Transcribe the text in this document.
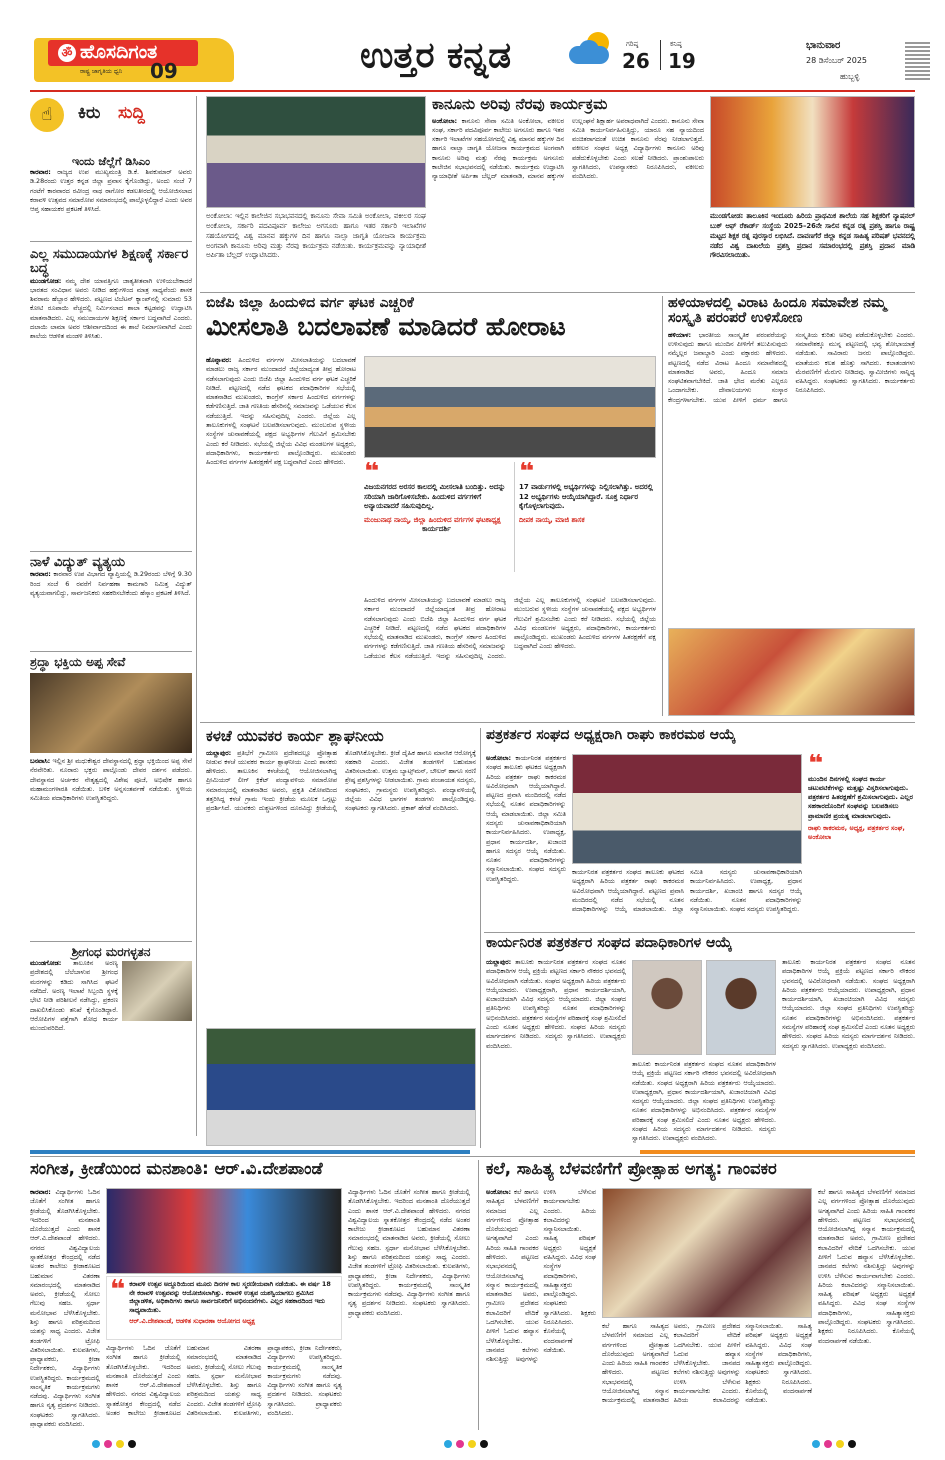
ॐ ಹೊಸದಿಗಂತ
ರಾಷ್ಟ್ರ ಜಾಗೃತಿಯ ಧ್ವನಿ 09	ಉತ್ತರ ಕನ್ನಡ	ಗರಿಷ್ಠ
26
ಕನಿಷ್ಠ
19
ಭಾನುವಾರ
28 ಡಿಸೆಂಬರ್ 2025
ಹುಬ್ಬಳ್ಳಿ
☝	ಕಿರು ಸುದ್ದಿ
ಇಂದು ಜೆಲ್ಲೆಗೆ ಡಿಸಿಎಂ
ಕಾರವಾರ: ರಾಜ್ಯದ ಉಪ ಮುಖ್ಯಮಂತ್ರಿ ಡಿ.ಕೆ. ಶಿವಕುಮಾರ್ ಅವರು ಡಿ.28ರಂದು ಉತ್ತರ ಕನ್ನಡ ಜಿಲ್ಲಾ ಪ್ರವಾಸ ಕೈಗೊಂಡಿದ್ದು, ಅಂದು ಸಂಜೆ 7 ಗಂಟೆಗೆ ಕಾರವಾರದ ರವೀಂದ್ರ ನಾಥ ಠಾಗೋರ ಕಡಲತೀರದಲ್ಲಿ ಆಯೋಜಿಸಲಾದ ಕರಾವಳಿ ಉತ್ಸವದ ಸಮಾರೋಪ ಸಮಾರಂಭದಲ್ಲಿ ಪಾಲ್ಗೊಳ್ಳಲಿದ್ದಾರೆ ಎಂದು ಅವರ ಆಪ್ತ ಸಹಾಯಕರ ಪ್ರಕಟಣೆ ತಿಳಿಸಿದೆ.
ಎಲ್ಲ ಸಮುದಾಯಗಳ ಶಿಕ್ಷಣಕ್ಕೆ ಸರ್ಕಾರ ಬದ್ಧ
ಮುಂಡಗೋಡ: ನಮ್ಮ ದೇಶ ಯಾವತ್ತಿಗೂ ಜಾತ್ಯತೀತವಾಗಿ ಉಳಿಯಬೇಕಾದರೆ ಭಾರತದ ಸಂವಿಧಾನ ಅವರು ನೀಡಿದ ಹಕ್ಕುಗಳಿಂದ ಮಾತ್ರ ಸಾಧ್ಯವೆಂದು ಶಾಸಕ ಶಿವರಾಮ ಹೆಬ್ಬಾರ ಹೇಳಿದರು. ಪಟ್ಟಣದ ಟಿಬೆಟನ್ ಕ್ಯಾಂಪ್‌ನಲ್ಲಿ ಸುಮಾರು 53 ಕೋಟಿ ರೂಪಾಯಿ ವೆಚ್ಚದಲ್ಲಿ ನಿರ್ಮಿಸಲಾದ ಶಾಲಾ ಕಟ್ಟಡವನ್ನು ಉದ್ಘಾಟಿಸಿ ಮಾತನಾಡಿದರು. ಎಲ್ಲ ಸಮುದಾಯಗಳ ಶಿಕ್ಷಣಕ್ಕೆ ಸರ್ಕಾರ ಬದ್ಧವಾಗಿದೆ ಎಂದರು. ದಲಾಯಿ ಲಾಮಾ ಅವರ ಆಶೀರ್ವಾದದಿಂದ ಈ ಶಾಲೆ ನಿರ್ಮಾಣವಾಗಿದೆ ಎಂದು ಶಾಲೆಯ ಆಡಳಿತ ಮಂಡಳಿ ತಿಳಿಸಿತು.
ನಾಳೆ ವಿದ್ಯುತ್ ವ್ಯತ್ಯಯ
ಕಾರವಾರ: ಕಾರವಾರ ಉಪ ವಿಭಾಗದ ವ್ಯಾಪ್ತಿಯಲ್ಲಿ ಡಿ.29ರಂದು ಬೆಳಿಗ್ಗೆ 9.30 ರಿಂದ ಸಂಜೆ 6 ರವರೆಗೆ ನಿರ್ವಹಣಾ ಕಾಮಗಾರಿ ನಿಮಿತ್ತ ವಿದ್ಯುತ್ ವ್ಯತ್ಯಯವಾಗಲಿದ್ದು, ಸಾರ್ವಜನಿಕರು ಸಹಕರಿಸಬೇಕೆಂದು ಹೆಸ್ಕಾಂ ಪ್ರಕಟಣೆ ತಿಳಿಸಿದೆ.
ಶ್ರದ್ಧಾ ಭಕ್ತಿಯ ಅಪ್ಪ ಸೇವೆ
ಬನವಾಸಿ: ಇಲ್ಲಿನ ಶ್ರೀ ಮಧುಕೇಶ್ವರ ದೇವಸ್ಥಾನದಲ್ಲಿ ಶ್ರದ್ಧಾ ಭಕ್ತಿಯಿಂದ ಅಪ್ಪ ಸೇವೆ ನೆರವೇರಿತು. ನೂರಾರು ಭಕ್ತರು ಪಾಲ್ಗೊಂಡು ದೇವರ ದರ್ಶನ ಪಡೆದರು. ದೇವಸ್ಥಾನದ ಅರ್ಚಕರ ನೇತೃತ್ವದಲ್ಲಿ ವಿಶೇಷ ಪೂಜೆ, ಅಭಿಷೇಕ ಹಾಗೂ ಮಹಾಮಂಗಳಾರತಿ ನಡೆಯಿತು. ಬಳಿಕ ಅನ್ನಸಂತರ್ಪಣೆ ನಡೆಯಿತು. ಸ್ಥಳೀಯ ಸಮಿತಿಯ ಪದಾಧಿಕಾರಿಗಳು ಉಪಸ್ಥಿತರಿದ್ದರು.
ಶ್ರೀಗಂಧ ಮರಗಳ್ಳತನ
ಮುಂಡಗೋಡ: ತಾಲೂಕಿನ ಅರಣ್ಯ ಪ್ರದೇಶದಲ್ಲಿ ಬೆಲೆಬಾಳುವ ಶ್ರೀಗಂಧ ಮರಗಳನ್ನು ಕಡಿದು ಸಾಗಿಸಿದ ಘಟನೆ ನಡೆದಿದೆ. ಅರಣ್ಯ ಇಲಾಖೆ ಸಿಬ್ಬಂದಿ ಸ್ಥಳಕ್ಕೆ ಭೇಟಿ ನೀಡಿ ಪರಿಶೀಲನೆ ನಡೆಸಿದ್ದು, ಪ್ರಕರಣ ದಾಖಲಿಸಿಕೊಂಡು ತನಿಖೆ ಕೈಗೊಂಡಿದ್ದಾರೆ. ಆರೋಪಿಗಳ ಪತ್ತೆಗಾಗಿ ಶೋಧ ಕಾರ್ಯ ಮುಂದುವರಿದಿದೆ.
ಅಂಕೋಲಾ: ಇಲ್ಲಿನ ಕಾಲೇಜಿನ ಸಭಾಭವನದಲ್ಲಿ ಕಾನೂನು ಸೇವಾ ಸಮಿತಿ ಅಂಕೋಲಾ, ವಕೀಲರ ಸಂಘ ಅಂಕೋಲಾ, ಸರ್ಕಾರಿ ಪದವಿಪೂರ್ವ ಕಾಲೇಜು ಅಗಸೂರು ಹಾಗೂ ಇತರ ಸರ್ಕಾರಿ ಇಲಾಖೆಗಳ ಸಹಯೋಗದಲ್ಲಿ ವಿಶ್ವ ಮಾನವ ಹಕ್ಕುಗಳ ದಿನ ಹಾಗೂ ನಾಲ್ಸಾ ಜಾಗೃತಿ ಯೋಜನಾ ಕಾರ್ಯಕ್ರಮ ಅಂಗವಾಗಿ ಕಾನೂನು ಅರಿವು ಮತ್ತು ನೆರವು ಕಾರ್ಯಕ್ರಮ ನಡೆಯಿತು. ಕಾರ್ಯಕ್ರಮವನ್ನು ನ್ಯಾಯಾಧೀಶೆ ಅರ್ಪಿತಾ ಬೆಲ್ಲದ್ ಉದ್ಘಾಟಿಸಿದರು.
ಕಾನೂನು ಅರಿವು ನೆರವು ಕಾರ್ಯಕ್ರಮ
ಅಂಕೋಲಾ: ಕಾನೂನು ಸೇವಾ ಸಮಿತಿ ಅಂಕೋಲಾ, ವಕೀಲರ ಸಂಘ, ಸರ್ಕಾರಿ ಪದವಿಪೂರ್ವ ಕಾಲೇಜು ಅಗಸೂರು ಹಾಗೂ ಇತರ ಸರ್ಕಾರಿ ಇಲಾಖೆಗಳ ಸಹಯೋಗದಲ್ಲಿ ವಿಶ್ವ ಮಾನವ ಹಕ್ಕುಗಳ ದಿನ ಹಾಗೂ ನಾಲ್ಸಾ ಜಾಗೃತಿ ಯೋಜನಾ ಕಾರ್ಯಕ್ರಮದ ಅಂಗವಾಗಿ ಕಾನೂನು ಅರಿವು ಮತ್ತು ನೆರವು ಕಾರ್ಯಕ್ರಮ ಅಗಸೂರು ಕಾಲೇಜಿನ ಸಭಾಭವನದಲ್ಲಿ ನಡೆಯಿತು. ಕಾರ್ಯಕ್ರಮ ಉದ್ಘಾಟಿಸಿ ನ್ಯಾಯಾಧೀಶೆ ಅರ್ಪಿತಾ ಬೆಲ್ಲದ್ ಮಾತನಾಡಿ, ಮಾನವ ಹಕ್ಕುಗಳ ಉಲ್ಲಂಘನೆ ಶಿಕ್ಷಾರ್ಹ ಅಪರಾಧವಾಗಿದೆ ಎಂದರು. ಕಾನೂನು ಸೇವಾ ಸಮಿತಿ ಕಾರ್ಯನಿರ್ವಹಿಸುತ್ತಿದ್ದು, ಯಾರೂ ಸಹ ನ್ಯಾಯದಿಂದ ವಂಚಿತರಾಗದಂತೆ ಉಚಿತ ಕಾನೂನು ನೆರವು ನೀಡಲಾಗುತ್ತದೆ. ವಕೀಲರ ಸಂಘದ ಅಧ್ಯಕ್ಷ ವಿದ್ಯಾರ್ಥಿಗಳು ಕಾನೂನು ಅರಿವು ಪಡೆದುಕೊಳ್ಳಬೇಕು ಎಂದು ಸಲಹೆ ನೀಡಿದರು. ಪ್ರಾಂಶುಪಾಲರು ಸ್ವಾಗತಿಸಿದರು, ಉಪನ್ಯಾಸಕರು ನಿರೂಪಿಸಿದರು, ವಕೀಲರು ವಂದಿಸಿದರು.
ಮುಂಡಗೋಡ: ತಾಲೂಕಿನ ಇಂದೂರು ಹಿರಿಯ ಪ್ರಾಥಮಿಕ ಶಾಲೆಯ ಸಹ ಶಿಕ್ಷಕರಿಗೆ ನ್ಯಾಷನಲ್ ಬುಕ್ ಆಫ್ ರೆಕಾರ್ಡ್ ಸಂಸ್ಥೆಯ 2025–26ನೇ ಸಾಲಿನ ಕನ್ನಡ ರತ್ನ ಪ್ರಶಸ್ತಿ ಹಾಗೂ ರಾಷ್ಟ್ರ ಮಟ್ಟದ ಶಿಕ್ಷಕ ರತ್ನ ಪುರಸ್ಕಾರ ಲಭಿಸಿದೆ. ದಾವಣಗೆರೆ ಜಿಲ್ಲಾ ಕನ್ನಡ ಸಾಹಿತ್ಯ ಪರಿಷತ್ ಭವನದಲ್ಲಿ ನಡೆದ ವಿಶ್ವ ದಾಖಲೆಯ ಪ್ರಶಸ್ತಿ ಪ್ರದಾನ ಸಮಾರಂಭದಲ್ಲಿ ಪ್ರಶಸ್ತಿ ಪ್ರದಾನ ಮಾಡಿ ಗೌರವಿಸಲಾಯಿತು.
ಬಿಜೆಪಿ ಜಿಲ್ಲಾ ಹಿಂದುಳಿದ ವರ್ಗ ಘಟಕ ಎಚ್ಚರಿಕೆ
ಮೀಸಲಾತಿ ಬದಲಾವಣೆ ಮಾಡಿದರೆ ಹೋರಾಟ
ಹೊನ್ನಾವರ: ಹಿಂದುಳಿದ ವರ್ಗಗಳ ಮೀಸಲಾತಿಯನ್ನು ಬದಲಾವಣೆ ಮಾಡಲು ರಾಜ್ಯ ಸರ್ಕಾರ ಮುಂದಾದರೆ ಜಿಲ್ಲೆಯಾದ್ಯಂತ ತೀವ್ರ ಹೋರಾಟ ನಡೆಸಲಾಗುವುದು ಎಂದು ಬಿಜೆಪಿ ಜಿಲ್ಲಾ ಹಿಂದುಳಿದ ವರ್ಗ ಘಟಕ ಎಚ್ಚರಿಕೆ ನೀಡಿದೆ. ಪಟ್ಟಣದಲ್ಲಿ ನಡೆದ ಘಟಕದ ಪದಾಧಿಕಾರಿಗಳ ಸಭೆಯಲ್ಲಿ ಮಾತನಾಡಿದ ಮುಖಂಡರು, ಕಾಂಗ್ರೆಸ್ ಸರ್ಕಾರ ಹಿಂದುಳಿದ ವರ್ಗಗಳನ್ನು ಕಡೆಗಣಿಸುತ್ತಿದೆ. ಜಾತಿ ಗಣತಿಯ ಹೆಸರಿನಲ್ಲಿ ಸಮಾಜವನ್ನು ಒಡೆಯುವ ಕೆಲಸ ನಡೆಯುತ್ತಿದೆ. ಇದನ್ನು ಸಹಿಸುವುದಿಲ್ಲ ಎಂದರು. ಜಿಲ್ಲೆಯ ಎಲ್ಲ ತಾಲೂಕುಗಳಲ್ಲಿ ಸಂಘಟನೆ ಬಲಪಡಿಸಲಾಗುವುದು. ಮುಂಬರುವ ಸ್ಥಳೀಯ ಸಂಸ್ಥೆಗಳ ಚುನಾವಣೆಯಲ್ಲಿ ಪಕ್ಷದ ಅಭ್ಯರ್ಥಿಗಳ ಗೆಲುವಿಗೆ ಶ್ರಮಿಸಬೇಕು ಎಂದು ಕರೆ ನೀಡಿದರು. ಸಭೆಯಲ್ಲಿ ಜಿಲ್ಲೆಯ ವಿವಿಧ ಮಂಡಲಗಳ ಅಧ್ಯಕ್ಷರು, ಪದಾಧಿಕಾರಿಗಳು, ಕಾರ್ಯಕರ್ತರು ಪಾಲ್ಗೊಂಡಿದ್ದರು. ಮುಖಂಡರು ಹಿಂದುಳಿದ ವರ್ಗಗಳ ಹಿತರಕ್ಷಣೆಗೆ ಪಕ್ಷ ಬದ್ಧವಾಗಿದೆ ಎಂದು ಹೇಳಿದರು. ❝
ವಿಜಯನಗರದ ಅರಸರ ಕಾಲದಲ್ಲಿ ಮೀಸಲಾತಿ ಬಂದಿತ್ತು. ಅದನ್ನು ಸರಿಯಾಗಿ ಜಾರಿಗೊಳಿಸಬೇಕು. ಹಿಂದುಳಿದ ವರ್ಗಗಳಿಗೆ ಅನ್ಯಾಯವಾದರೆ ಸಹಿಸುವುದಿಲ್ಲ.
ಮಂಜುನಾಥ ನಾಯ್ಕ, ಜಿಲ್ಲಾ ಹಿಂದುಳಿದ ವರ್ಗಗಳ ಘಟಕಾಧ್ಯಕ್ಷ
ಕಾರ್ಯದರ್ಶಿ
❝
17 ವಾರ್ಡುಗಳಲ್ಲಿ ಅಭ್ಯರ್ಥಿಗಳನ್ನು ನಿಲ್ಲಿಸಲಾಗಿತ್ತು. ಅದರಲ್ಲಿ 12 ಅಭ್ಯರ್ಥಿಗಳು ಆಯ್ಕೆಯಾಗಿದ್ದಾರೆ. ಸೂಕ್ತ ನಿರ್ಧಾರ ಕೈಗೊಳ್ಳಲಾಗುವುದು.
ದೀಪಕ ನಾಯ್ಕ, ಮಾಜಿ ಶಾಸಕ
ಹಿಂದುಳಿದ ವರ್ಗಗಳ ಮೀಸಲಾತಿಯನ್ನು ಬದಲಾವಣೆ ಮಾಡಲು ರಾಜ್ಯ ಸರ್ಕಾರ ಮುಂದಾದರೆ ಜಿಲ್ಲೆಯಾದ್ಯಂತ ತೀವ್ರ ಹೋರಾಟ ನಡೆಸಲಾಗುವುದು ಎಂದು ಬಿಜೆಪಿ ಜಿಲ್ಲಾ ಹಿಂದುಳಿದ ವರ್ಗ ಘಟಕ ಎಚ್ಚರಿಕೆ ನೀಡಿದೆ. ಪಟ್ಟಣದಲ್ಲಿ ನಡೆದ ಘಟಕದ ಪದಾಧಿಕಾರಿಗಳ ಸಭೆಯಲ್ಲಿ ಮಾತನಾಡಿದ ಮುಖಂಡರು, ಕಾಂಗ್ರೆಸ್ ಸರ್ಕಾರ ಹಿಂದುಳಿದ ವರ್ಗಗಳನ್ನು ಕಡೆಗಣಿಸುತ್ತಿದೆ. ಜಾತಿ ಗಣತಿಯ ಹೆಸರಿನಲ್ಲಿ ಸಮಾಜವನ್ನು ಒಡೆಯುವ ಕೆಲಸ ನಡೆಯುತ್ತಿದೆ. ಇದನ್ನು ಸಹಿಸುವುದಿಲ್ಲ ಎಂದರು. ಜಿಲ್ಲೆಯ ಎಲ್ಲ ತಾಲೂಕುಗಳಲ್ಲಿ ಸಂಘಟನೆ ಬಲಪಡಿಸಲಾಗುವುದು. ಮುಂಬರುವ ಸ್ಥಳೀಯ ಸಂಸ್ಥೆಗಳ ಚುನಾವಣೆಯಲ್ಲಿ ಪಕ್ಷದ ಅಭ್ಯರ್ಥಿಗಳ ಗೆಲುವಿಗೆ ಶ್ರಮಿಸಬೇಕು ಎಂದು ಕರೆ ನೀಡಿದರು. ಸಭೆಯಲ್ಲಿ ಜಿಲ್ಲೆಯ ವಿವಿಧ ಮಂಡಲಗಳ ಅಧ್ಯಕ್ಷರು, ಪದಾಧಿಕಾರಿಗಳು, ಕಾರ್ಯಕರ್ತರು ಪಾಲ್ಗೊಂಡಿದ್ದರು. ಮುಖಂಡರು ಹಿಂದುಳಿದ ವರ್ಗಗಳ ಹಿತರಕ್ಷಣೆಗೆ ಪಕ್ಷ ಬದ್ಧವಾಗಿದೆ ಎಂದು ಹೇಳಿದರು.
ಹಳಿಯಾಳದಲ್ಲಿ ವಿರಾಟ ಹಿಂದೂ ಸಮಾವೇಶ ನಮ್ಮ ಸಂಸ್ಕೃತಿ ಪರಂಪರೆ ಉಳಿಸೋಣ
ಹಳಿಯಾಳ: ಭಾರತೀಯ ಸಾಂಸ್ಕೃತಿಕ ಪರಂಪರೆಯನ್ನು ಉಳಿಸುವುದು ಹಾಗೂ ಮುಂದಿನ ಪೀಳಿಗೆಗೆ ತಲುಪಿಸುವುದು ನಮ್ಮೆಲ್ಲರ ಜವಾಬ್ದಾರಿ ಎಂದು ವಕ್ತಾರರು ಹೇಳಿದರು. ಪಟ್ಟಣದಲ್ಲಿ ನಡೆದ ವಿರಾಟ ಹಿಂದೂ ಸಮಾವೇಶದಲ್ಲಿ ಮಾತನಾಡಿದ ಅವರು, ಹಿಂದೂ ಸಮಾಜ ಸಂಘಟಿತವಾಗಬೇಕಿದೆ. ಜಾತಿ ಭೇದ ಮರೆತು ಎಲ್ಲರೂ ಒಂದಾಗಬೇಕು. ದೇವಾಲಯಗಳು ಸಂಸ್ಕಾರ ಕೇಂದ್ರಗಳಾಗಬೇಕು. ಯುವ ಪೀಳಿಗೆ ಧರ್ಮ ಹಾಗೂ ಸಂಸ್ಕೃತಿಯ ಕುರಿತು ಅರಿವು ಪಡೆದುಕೊಳ್ಳಬೇಕು ಎಂದರು. ಸಮಾವೇಶಕ್ಕೂ ಮುನ್ನ ಪಟ್ಟಣದಲ್ಲಿ ಭವ್ಯ ಶೋಭಾಯಾತ್ರೆ ನಡೆಯಿತು. ಸಾವಿರಾರು ಜನರು ಪಾಲ್ಗೊಂಡಿದ್ದರು. ಮಾತೆಯರು ಕಲಶ ಹೊತ್ತು ಸಾಗಿದರು. ಕಲಾತಂಡಗಳು ಮೆರವಣಿಗೆಗೆ ಮೆರುಗು ನೀಡಿದವು. ಸ್ವಾಮೀಜಿಗಳು ಸಾನ್ನಿಧ್ಯ ವಹಿಸಿದ್ದರು. ಸಂಘಟಕರು ಸ್ವಾಗತಿಸಿದರು. ಕಾರ್ಯಕರ್ತರು ನಿರೂಪಿಸಿದರು.
ಕಳಚೆ ಯುವಕರ ಕಾರ್ಯ ಶ್ಲಾಘನೀಯ
ಯಲ್ಲಾಪುರ: ಪ್ರತಿಭೆಗೆ ಗ್ರಾಮೀಣ ಪ್ರದೇಶದಲ್ಲೂ ಪ್ರೋತ್ಸಾಹ ನೀಡುವ ಕಳಚೆ ಯುವಕರ ಕಾರ್ಯ ಶ್ಲಾಘನೀಯ ಎಂದು ಶಾಸಕರು ಹೇಳಿದರು. ತಾಲೂಕಿನ ಕಳಚೆಯಲ್ಲಿ ಆಯೋಜಿಸಲಾಗಿದ್ದ ಪ್ರೀಮಿಯರ್ ಲೀಗ್ ಕ್ರಿಕೆಟ್ ಪಂದ್ಯಾವಳಿಯ ಸಮಾರೋಪ ಸಮಾರಂಭದಲ್ಲಿ ಮಾತನಾಡಿದ ಅವರು, ಪ್ರಕೃತಿ ವಿಕೋಪದಿಂದ ತತ್ತರಿಸಿದ್ದ ಕಳಚೆ ಗ್ರಾಮ ಇಂದು ಕ್ರೀಡೆಯ ಮೂಲಕ ಒಗ್ಗಟ್ಟು ಪ್ರದರ್ಶಿಸಿದೆ. ಯುವಕರು ದುಶ್ಚಟಗಳಿಂದ ದೂರವಿದ್ದು ಕ್ರೀಡೆಯಲ್ಲಿ ತೊಡಗಿಸಿಕೊಳ್ಳಬೇಕು. ಕ್ರೀಡೆ ದೈಹಿಕ ಹಾಗೂ ಮಾನಸಿಕ ಆರೋಗ್ಯಕ್ಕೆ ಸಹಕಾರಿ ಎಂದರು. ವಿಜೇತ ತಂಡಗಳಿಗೆ ಬಹುಮಾನ ವಿತರಿಸಲಾಯಿತು. ಉತ್ತಮ ಬ್ಯಾಟ್ಸ್‌ಮನ್, ಬೌಲರ್ ಹಾಗೂ ಸರಣಿ ಶ್ರೇಷ್ಠ ಪ್ರಶಸ್ತಿಗಳನ್ನು ನೀಡಲಾಯಿತು. ಗ್ರಾಮ ಪಂಚಾಯತ ಸದಸ್ಯರು, ಸಂಘಟಕರು, ಗ್ರಾಮಸ್ಥರು ಉಪಸ್ಥಿತರಿದ್ದರು. ಪಂದ್ಯಾವಳಿಯಲ್ಲಿ ಜಿಲ್ಲೆಯ ವಿವಿಧ ಭಾಗಗಳ ತಂಡಗಳು ಪಾಲ್ಗೊಂಡಿದ್ದವು. ಸಂಘಟಕರು ಸ್ವಾಗತಿಸಿದರು. ಪ್ರಕಾಶ್ ಹೆಗಡೆ ವಂದಿಸಿದರು.
ಪತ್ರಕರ್ತರ ಸಂಘದ ಅಧ್ಯಕ್ಷರಾಗಿ ರಾಘು ಕಾಕರಮಠ ಆಯ್ಕೆ
ಅಂಕೋಲಾ: ಕಾರ್ಯನಿರತ ಪತ್ರಕರ್ತರ ಸಂಘದ ತಾಲೂಕು ಘಟಕದ ಅಧ್ಯಕ್ಷರಾಗಿ ಹಿರಿಯ ಪತ್ರಕರ್ತ ರಾಘು ಕಾಕರಮಠ ಅವಿರೋಧವಾಗಿ ಆಯ್ಕೆಯಾಗಿದ್ದಾರೆ. ಪಟ್ಟಣದ ಪ್ರವಾಸಿ ಮಂದಿರದಲ್ಲಿ ನಡೆದ ಸಭೆಯಲ್ಲಿ ನೂತನ ಪದಾಧಿಕಾರಿಗಳನ್ನು ಆಯ್ಕೆ ಮಾಡಲಾಯಿತು. ಜಿಲ್ಲಾ ಸಮಿತಿ ಸದಸ್ಯರು ಚುನಾವಣಾಧಿಕಾರಿಯಾಗಿ ಕಾರ್ಯನಿರ್ವಹಿಸಿದರು. ಉಪಾಧ್ಯಕ್ಷ, ಪ್ರಧಾನ ಕಾರ್ಯದರ್ಶಿ, ಖಜಾಂಚಿ ಹಾಗೂ ಸದಸ್ಯರ ಆಯ್ಕೆ ನಡೆಯಿತು. ನೂತನ ಪದಾಧಿಕಾರಿಗಳನ್ನು ಸನ್ಮಾನಿಸಲಾಯಿತು. ಸಂಘದ ಸದಸ್ಯರು ಉಪಸ್ಥಿತರಿದ್ದರು.
ಕಾರ್ಯನಿರತ ಪತ್ರಕರ್ತರ ಸಂಘದ ತಾಲೂಕು ಘಟಕದ ಅಧ್ಯಕ್ಷರಾಗಿ ಹಿರಿಯ ಪತ್ರಕರ್ತ ರಾಘು ಕಾಕರಮಠ ಅವಿರೋಧವಾಗಿ ಆಯ್ಕೆಯಾಗಿದ್ದಾರೆ. ಪಟ್ಟಣದ ಪ್ರವಾಸಿ ಮಂದಿರದಲ್ಲಿ ನಡೆದ ಸಭೆಯಲ್ಲಿ ನೂತನ ಪದಾಧಿಕಾರಿಗಳನ್ನು ಆಯ್ಕೆ ಮಾಡಲಾಯಿತು. ಜಿಲ್ಲಾ ಸಮಿತಿ ಸದಸ್ಯರು ಚುನಾವಣಾಧಿಕಾರಿಯಾಗಿ ಕಾರ್ಯನಿರ್ವಹಿಸಿದರು. ಉಪಾಧ್ಯಕ್ಷ, ಪ್ರಧಾನ ಕಾರ್ಯದರ್ಶಿ, ಖಜಾಂಚಿ ಹಾಗೂ ಸದಸ್ಯರ ಆಯ್ಕೆ ನಡೆಯಿತು. ನೂತನ ಪದಾಧಿಕಾರಿಗಳನ್ನು ಸನ್ಮಾನಿಸಲಾಯಿತು. ಸಂಘದ ಸದಸ್ಯರು ಉಪಸ್ಥಿತರಿದ್ದರು.
❝
ಮುಂದಿನ ದಿನಗಳಲ್ಲಿ ಸಂಘದ ಕಾರ್ಯ ಚಟುವಟಿಕೆಗಳನ್ನು ಮತ್ತಷ್ಟು ವಿಸ್ತರಿಸಲಾಗುವುದು. ಪತ್ರಕರ್ತರ ಹಿತರಕ್ಷಣೆಗೆ ಶ್ರಮಿಸಲಾಗುವುದು. ಎಲ್ಲರ ಸಹಕಾರದೊಂದಿಗೆ ಸಂಘವನ್ನು ಬಲಪಡಿಸಲು ಪ್ರಾಮಾಣಿಕ ಪ್ರಯತ್ನ ಮಾಡಲಾಗುವುದು.
ರಾಘು ಕಾಕರಮಠ, ಅಧ್ಯಕ್ಷ, ಪತ್ರಕರ್ತರ ಸಂಘ, ಅಂಕೋಲಾ
ಕಾರ್ಯನಿರತ ಪತ್ರಕರ್ತರ ಸಂಘದ ಪದಾಧಿಕಾರಿಗಳ ಆಯ್ಕೆ
ಯಲ್ಲಾಪುರ: ತಾಲೂಕು ಕಾರ್ಯನಿರತ ಪತ್ರಕರ್ತರ ಸಂಘದ ನೂತನ ಪದಾಧಿಕಾರಿಗಳ ಆಯ್ಕೆ ಪ್ರಕ್ರಿಯೆ ಪಟ್ಟಣದ ಸರ್ಕಾರಿ ನೌಕರರ ಭವನದಲ್ಲಿ ಅವಿರೋಧವಾಗಿ ನಡೆಯಿತು. ಸಂಘದ ಅಧ್ಯಕ್ಷರಾಗಿ ಹಿರಿಯ ಪತ್ರಕರ್ತರು ಆಯ್ಕೆಯಾದರು. ಉಪಾಧ್ಯಕ್ಷರಾಗಿ, ಪ್ರಧಾನ ಕಾರ್ಯದರ್ಶಿಯಾಗಿ, ಖಜಾಂಚಿಯಾಗಿ ವಿವಿಧ ಸದಸ್ಯರು ಆಯ್ಕೆಯಾದರು. ಜಿಲ್ಲಾ ಸಂಘದ ಪ್ರತಿನಿಧಿಗಳು ಉಪಸ್ಥಿತರಿದ್ದು ನೂತನ ಪದಾಧಿಕಾರಿಗಳನ್ನು ಅಭಿನಂದಿಸಿದರು. ಪತ್ರಕರ್ತರ ಸಮಸ್ಯೆಗಳ ಪರಿಹಾರಕ್ಕೆ ಸಂಘ ಶ್ರಮಿಸಲಿದೆ ಎಂದು ನೂತನ ಅಧ್ಯಕ್ಷರು ಹೇಳಿದರು. ಸಂಘದ ಹಿರಿಯ ಸದಸ್ಯರು ಮಾರ್ಗದರ್ಶನ ನೀಡಿದರು. ಸದಸ್ಯರು ಸ್ವಾಗತಿಸಿದರು. ಉಪಾಧ್ಯಕ್ಷರು ವಂದಿಸಿದರು.
ತಾಲೂಕು ಕಾರ್ಯನಿರತ ಪತ್ರಕರ್ತರ ಸಂಘದ ನೂತನ ಪದಾಧಿಕಾರಿಗಳ ಆಯ್ಕೆ ಪ್ರಕ್ರಿಯೆ ಪಟ್ಟಣದ ಸರ್ಕಾರಿ ನೌಕರರ ಭವನದಲ್ಲಿ ಅವಿರೋಧವಾಗಿ ನಡೆಯಿತು. ಸಂಘದ ಅಧ್ಯಕ್ಷರಾಗಿ ಹಿರಿಯ ಪತ್ರಕರ್ತರು ಆಯ್ಕೆಯಾದರು. ಉಪಾಧ್ಯಕ್ಷರಾಗಿ, ಪ್ರಧಾನ ಕಾರ್ಯದರ್ಶಿಯಾಗಿ, ಖಜಾಂಚಿಯಾಗಿ ವಿವಿಧ ಸದಸ್ಯರು ಆಯ್ಕೆಯಾದರು. ಜಿಲ್ಲಾ ಸಂಘದ ಪ್ರತಿನಿಧಿಗಳು ಉಪಸ್ಥಿತರಿದ್ದು ನೂತನ ಪದಾಧಿಕಾರಿಗಳನ್ನು ಅಭಿನಂದಿಸಿದರು. ಪತ್ರಕರ್ತರ ಸಮಸ್ಯೆಗಳ ಪರಿಹಾರಕ್ಕೆ ಸಂಘ ಶ್ರಮಿಸಲಿದೆ ಎಂದು ನೂತನ ಅಧ್ಯಕ್ಷರು ಹೇಳಿದರು. ಸಂಘದ ಹಿರಿಯ ಸದಸ್ಯರು ಮಾರ್ಗದರ್ಶನ ನೀಡಿದರು. ಸದಸ್ಯರು ಸ್ವಾಗತಿಸಿದರು. ಉಪಾಧ್ಯಕ್ಷರು ವಂದಿಸಿದರು.
ತಾಲೂಕು ಕಾರ್ಯನಿರತ ಪತ್ರಕರ್ತರ ಸಂಘದ ನೂತನ ಪದಾಧಿಕಾರಿಗಳ ಆಯ್ಕೆ ಪ್ರಕ್ರಿಯೆ ಪಟ್ಟಣದ ಸರ್ಕಾರಿ ನೌಕರರ ಭವನದಲ್ಲಿ ಅವಿರೋಧವಾಗಿ ನಡೆಯಿತು. ಸಂಘದ ಅಧ್ಯಕ್ಷರಾಗಿ ಹಿರಿಯ ಪತ್ರಕರ್ತರು ಆಯ್ಕೆಯಾದರು. ಉಪಾಧ್ಯಕ್ಷರಾಗಿ, ಪ್ರಧಾನ ಕಾರ್ಯದರ್ಶಿಯಾಗಿ, ಖಜಾಂಚಿಯಾಗಿ ವಿವಿಧ ಸದಸ್ಯರು ಆಯ್ಕೆಯಾದರು. ಜಿಲ್ಲಾ ಸಂಘದ ಪ್ರತಿನಿಧಿಗಳು ಉಪಸ್ಥಿತರಿದ್ದು ನೂತನ ಪದಾಧಿಕಾರಿಗಳನ್ನು ಅಭಿನಂದಿಸಿದರು. ಪತ್ರಕರ್ತರ ಸಮಸ್ಯೆಗಳ ಪರಿಹಾರಕ್ಕೆ ಸಂಘ ಶ್ರಮಿಸಲಿದೆ ಎಂದು ನೂತನ ಅಧ್ಯಕ್ಷರು ಹೇಳಿದರು. ಸಂಘದ ಹಿರಿಯ ಸದಸ್ಯರು ಮಾರ್ಗದರ್ಶನ ನೀಡಿದರು. ಸದಸ್ಯರು ಸ್ವಾಗತಿಸಿದರು. ಉಪಾಧ್ಯಕ್ಷರು ವಂದಿಸಿದರು.
ಸಂಗೀತ, ಕ್ರೀಡೆಯಿಂದ ಮನಶಾಂತಿ: ಆರ್.ವಿ.ದೇಶಪಾಂಡೆ
ಕಾರವಾರ: ವಿದ್ಯಾರ್ಥಿಗಳು ಓದಿನ ಜೊತೆಗೆ ಸಂಗೀತ ಹಾಗೂ ಕ್ರೀಡೆಯಲ್ಲಿ ತೊಡಗಿಸಿಕೊಳ್ಳಬೇಕು. ಇದರಿಂದ ಮನಶಾಂತಿ ದೊರೆಯುತ್ತದೆ ಎಂದು ಶಾಸಕ ಆರ್.ವಿ.ದೇಶಪಾಂಡೆ ಹೇಳಿದರು. ನಗರದ ವಿಶ್ವವಿದ್ಯಾಲಯ ಸ್ನಾತಕೋತ್ತರ ಕೇಂದ್ರದಲ್ಲಿ ನಡೆದ ಅಂತರ ಕಾಲೇಜು ಕ್ರೀಡಾಕೂಟದ ಬಹುಮಾನ ವಿತರಣಾ ಸಮಾರಂಭದಲ್ಲಿ ಮಾತನಾಡಿದ ಅವರು, ಕ್ರೀಡೆಯಲ್ಲಿ ಸೋಲು ಗೆಲುವು ಸಹಜ. ಸ್ಪರ್ಧಾ ಮನೋಭಾವ ಬೆಳೆಸಿಕೊಳ್ಳಬೇಕು. ಶಿಸ್ತು ಹಾಗೂ ಪರಿಶ್ರಮದಿಂದ ಯಶಸ್ಸು ಸಾಧ್ಯ ಎಂದರು. ವಿಜೇತ ತಂಡಗಳಿಗೆ ಟ್ರೋಫಿ ವಿತರಿಸಲಾಯಿತು. ಕುಲಪತಿಗಳು, ಪ್ರಾಧ್ಯಾಪಕರು, ಕ್ರೀಡಾ ನಿರ್ದೇಶಕರು, ವಿದ್ಯಾರ್ಥಿಗಳು ಉಪಸ್ಥಿತರಿದ್ದರು. ಕಾರ್ಯಕ್ರಮದಲ್ಲಿ ಸಾಂಸ್ಕೃತಿಕ ಕಾರ್ಯಕ್ರಮಗಳು ನಡೆದವು. ವಿದ್ಯಾರ್ಥಿಗಳು ಸಂಗೀತ ಹಾಗೂ ನೃತ್ಯ ಪ್ರದರ್ಶನ ನೀಡಿದರು. ಸಂಘಟಕರು ಸ್ವಾಗತಿಸಿದರು. ಪ್ರಾಧ್ಯಾಪಕರು ವಂದಿಸಿದರು.
❝ ಕರಾವಳಿ ಉತ್ಸವ ಅದ್ದೂರಿಯಿಂದ ಮೂರು ದಿನಗಳ ಕಾಲ ಸ್ಮರಣೀಯವಾಗಿ ನಡೆಯಿತು. ಈ ವರ್ಷ 18 ನೇ ಕರಾವಳಿ ಉತ್ಸವವನ್ನು ಆಯೋಜಿಸಲಾಗಿತ್ತು. ಕರಾವಳಿ ಉತ್ಸವ ಯಶಸ್ವಿಯಾಗಲು ಶ್ರಮಿಸಿದ ಜಿಲ್ಲಾಡಳಿತ, ಅಧಿಕಾರಿಗಳು ಹಾಗೂ ಸಾರ್ವಜನಿಕರಿಗೆ ಅಭಿನಂದನೆಗಳು. ಎಲ್ಲರ ಸಹಕಾರದಿಂದ ಇದು ಸಾಧ್ಯವಾಯಿತು.
ಆರ್.ವಿ.ದೇಶಪಾಂಡೆ, ಆಡಳಿತ ಸುಧಾರಣಾ ಆಯೋಗದ ಅಧ್ಯಕ್ಷ
ವಿದ್ಯಾರ್ಥಿಗಳು ಓದಿನ ಜೊತೆಗೆ ಸಂಗೀತ ಹಾಗೂ ಕ್ರೀಡೆಯಲ್ಲಿ ತೊಡಗಿಸಿಕೊಳ್ಳಬೇಕು. ಇದರಿಂದ ಮನಶಾಂತಿ ದೊರೆಯುತ್ತದೆ ಎಂದು ಶಾಸಕ ಆರ್.ವಿ.ದೇಶಪಾಂಡೆ ಹೇಳಿದರು. ನಗರದ ವಿಶ್ವವಿದ್ಯಾಲಯ ಸ್ನಾತಕೋತ್ತರ ಕೇಂದ್ರದಲ್ಲಿ ನಡೆದ ಅಂತರ ಕಾಲೇಜು ಕ್ರೀಡಾಕೂಟದ ಬಹುಮಾನ ವಿತರಣಾ ಸಮಾರಂಭದಲ್ಲಿ ಮಾತನಾಡಿದ ಅವರು, ಕ್ರೀಡೆಯಲ್ಲಿ ಸೋಲು ಗೆಲುವು ಸಹಜ. ಸ್ಪರ್ಧಾ ಮನೋಭಾವ ಬೆಳೆಸಿಕೊಳ್ಳಬೇಕು. ಶಿಸ್ತು ಹಾಗೂ ಪರಿಶ್ರಮದಿಂದ ಯಶಸ್ಸು ಸಾಧ್ಯ ಎಂದರು. ವಿಜೇತ ತಂಡಗಳಿಗೆ ಟ್ರೋಫಿ ವಿತರಿಸಲಾಯಿತು. ಕುಲಪತಿಗಳು, ಪ್ರಾಧ್ಯಾಪಕರು, ಕ್ರೀಡಾ ನಿರ್ದೇಶಕರು, ವಿದ್ಯಾರ್ಥಿಗಳು ಉಪಸ್ಥಿತರಿದ್ದರು. ಕಾರ್ಯಕ್ರಮದಲ್ಲಿ ಸಾಂಸ್ಕೃತಿಕ ಕಾರ್ಯಕ್ರಮಗಳು ನಡೆದವು. ವಿದ್ಯಾರ್ಥಿಗಳು ಸಂಗೀತ ಹಾಗೂ ನೃತ್ಯ ಪ್ರದರ್ಶನ ನೀಡಿದರು. ಸಂಘಟಕರು ಸ್ವಾಗತಿಸಿದರು. ಪ್ರಾಧ್ಯಾಪಕರು ವಂದಿಸಿದರು.
ವಿದ್ಯಾರ್ಥಿಗಳು ಓದಿನ ಜೊತೆಗೆ ಸಂಗೀತ ಹಾಗೂ ಕ್ರೀಡೆಯಲ್ಲಿ ತೊಡಗಿಸಿಕೊಳ್ಳಬೇಕು. ಇದರಿಂದ ಮನಶಾಂತಿ ದೊರೆಯುತ್ತದೆ ಎಂದು ಶಾಸಕ ಆರ್.ವಿ.ದೇಶಪಾಂಡೆ ಹೇಳಿದರು. ನಗರದ ವಿಶ್ವವಿದ್ಯಾಲಯ ಸ್ನಾತಕೋತ್ತರ ಕೇಂದ್ರದಲ್ಲಿ ನಡೆದ ಅಂತರ ಕಾಲೇಜು ಕ್ರೀಡಾಕೂಟದ ಬಹುಮಾನ ವಿತರಣಾ ಸಮಾರಂಭದಲ್ಲಿ ಮಾತನಾಡಿದ ಅವರು, ಕ್ರೀಡೆಯಲ್ಲಿ ಸೋಲು ಗೆಲುವು ಸಹಜ. ಸ್ಪರ್ಧಾ ಮನೋಭಾವ ಬೆಳೆಸಿಕೊಳ್ಳಬೇಕು. ಶಿಸ್ತು ಹಾಗೂ ಪರಿಶ್ರಮದಿಂದ ಯಶಸ್ಸು ಸಾಧ್ಯ ಎಂದರು. ವಿಜೇತ ತಂಡಗಳಿಗೆ ಟ್ರೋಫಿ ವಿತರಿಸಲಾಯಿತು. ಕುಲಪತಿಗಳು, ಪ್ರಾಧ್ಯಾಪಕರು, ಕ್ರೀಡಾ ನಿರ್ದೇಶಕರು, ವಿದ್ಯಾರ್ಥಿಗಳು ಉಪಸ್ಥಿತರಿದ್ದರು. ಕಾರ್ಯಕ್ರಮದಲ್ಲಿ ಸಾಂಸ್ಕೃತಿಕ ಕಾರ್ಯಕ್ರಮಗಳು ನಡೆದವು. ವಿದ್ಯಾರ್ಥಿಗಳು ಸಂಗೀತ ಹಾಗೂ ನೃತ್ಯ ಪ್ರದರ್ಶನ ನೀಡಿದರು. ಸಂಘಟಕರು ಸ್ವಾಗತಿಸಿದರು. ಪ್ರಾಧ್ಯಾಪಕರು ವಂದಿಸಿದರು.
ಕಲೆ, ಸಾಹಿತ್ಯ ಬೆಳವಣಿಗೆಗೆ ಪ್ರೋತ್ಸಾಹ ಅಗತ್ಯ: ಗಾಂವಕರ
ಅಂಕೋಲಾ: ಕಲೆ ಹಾಗೂ ಸಾಹಿತ್ಯದ ಬೆಳವಣಿಗೆಗೆ ಸಮಾಜದ ಎಲ್ಲ ವರ್ಗಗಳಿಂದ ಪ್ರೋತ್ಸಾಹ ದೊರೆಯುವುದು ಅಗತ್ಯವಾಗಿದೆ ಎಂದು ಹಿರಿಯ ಸಾಹಿತಿ ಗಾಂವಕರ ಹೇಳಿದರು. ಪಟ್ಟಣದ ಸಭಾಭವನದಲ್ಲಿ ಆಯೋಜಿಸಲಾಗಿದ್ದ ಸನ್ಮಾನ ಕಾರ್ಯಕ್ರಮದಲ್ಲಿ ಮಾತನಾಡಿದ ಅವರು, ಗ್ರಾಮೀಣ ಪ್ರದೇಶದ ಕಲಾವಿದರಿಗೆ ವೇದಿಕೆ ಒದಗಿಸಬೇಕು. ಯುವ ಪೀಳಿಗೆ ಓದುವ ಹವ್ಯಾಸ ಬೆಳೆಸಿಕೊಳ್ಳಬೇಕು. ಜಾನಪದ ಕಲೆಗಳು ನಶಿಸುತ್ತಿದ್ದು ಅವುಗಳನ್ನು ಉಳಿಸಿ ಬೆಳೆಸುವ ಕಾರ್ಯವಾಗಬೇಕು ಎಂದರು. ಹಿರಿಯ ಕಲಾವಿದರನ್ನು ಸನ್ಮಾನಿಸಲಾಯಿತು. ಸಾಹಿತ್ಯ ಪರಿಷತ್ ಅಧ್ಯಕ್ಷರು ಅಧ್ಯಕ್ಷತೆ ವಹಿಸಿದ್ದರು. ವಿವಿಧ ಸಂಘ ಸಂಸ್ಥೆಗಳ ಪದಾಧಿಕಾರಿಗಳು, ಸಾಹಿತ್ಯಾಸಕ್ತರು ಪಾಲ್ಗೊಂಡಿದ್ದರು. ಸಂಘಟಕರು ಸ್ವಾಗತಿಸಿದರು. ಶಿಕ್ಷಕರು ನಿರೂಪಿಸಿದರು. ಕೊನೆಯಲ್ಲಿ ವಂದನಾರ್ಪಣೆ ನಡೆಯಿತು.
ಕಲೆ ಹಾಗೂ ಸಾಹಿತ್ಯದ ಬೆಳವಣಿಗೆಗೆ ಸಮಾಜದ ಎಲ್ಲ ವರ್ಗಗಳಿಂದ ಪ್ರೋತ್ಸಾಹ ದೊರೆಯುವುದು ಅಗತ್ಯವಾಗಿದೆ ಎಂದು ಹಿರಿಯ ಸಾಹಿತಿ ಗಾಂವಕರ ಹೇಳಿದರು. ಪಟ್ಟಣದ ಸಭಾಭವನದಲ್ಲಿ ಆಯೋಜಿಸಲಾಗಿದ್ದ ಸನ್ಮಾನ ಕಾರ್ಯಕ್ರಮದಲ್ಲಿ ಮಾತನಾಡಿದ ಅವರು, ಗ್ರಾಮೀಣ ಪ್ರದೇಶದ ಕಲಾವಿದರಿಗೆ ವೇದಿಕೆ ಒದಗಿಸಬೇಕು. ಯುವ ಪೀಳಿಗೆ ಓದುವ ಹವ್ಯಾಸ ಬೆಳೆಸಿಕೊಳ್ಳಬೇಕು. ಜಾನಪದ ಕಲೆಗಳು ನಶಿಸುತ್ತಿದ್ದು ಅವುಗಳನ್ನು ಉಳಿಸಿ ಬೆಳೆಸುವ ಕಾರ್ಯವಾಗಬೇಕು ಎಂದರು. ಹಿರಿಯ ಕಲಾವಿದರನ್ನು ಸನ್ಮಾನಿಸಲಾಯಿತು. ಸಾಹಿತ್ಯ ಪರಿಷತ್ ಅಧ್ಯಕ್ಷರು ಅಧ್ಯಕ್ಷತೆ ವಹಿಸಿದ್ದರು. ವಿವಿಧ ಸಂಘ ಸಂಸ್ಥೆಗಳ ಪದಾಧಿಕಾರಿಗಳು, ಸಾಹಿತ್ಯಾಸಕ್ತರು ಪಾಲ್ಗೊಂಡಿದ್ದರು. ಸಂಘಟಕರು ಸ್ವಾಗತಿಸಿದರು. ಶಿಕ್ಷಕರು ನಿರೂಪಿಸಿದರು. ಕೊನೆಯಲ್ಲಿ ವಂದನಾರ್ಪಣೆ ನಡೆಯಿತು.
ಕಲೆ ಹಾಗೂ ಸಾಹಿತ್ಯದ ಬೆಳವಣಿಗೆಗೆ ಸಮಾಜದ ಎಲ್ಲ ವರ್ಗಗಳಿಂದ ಪ್ರೋತ್ಸಾಹ ದೊರೆಯುವುದು ಅಗತ್ಯವಾಗಿದೆ ಎಂದು ಹಿರಿಯ ಸಾಹಿತಿ ಗಾಂವಕರ ಹೇಳಿದರು. ಪಟ್ಟಣದ ಸಭಾಭವನದಲ್ಲಿ ಆಯೋಜಿಸಲಾಗಿದ್ದ ಸನ್ಮಾನ ಕಾರ್ಯಕ್ರಮದಲ್ಲಿ ಮಾತನಾಡಿದ ಅವರು, ಗ್ರಾಮೀಣ ಪ್ರದೇಶದ ಕಲಾವಿದರಿಗೆ ವೇದಿಕೆ ಒದಗಿಸಬೇಕು. ಯುವ ಪೀಳಿಗೆ ಓದುವ ಹವ್ಯಾಸ ಬೆಳೆಸಿಕೊಳ್ಳಬೇಕು. ಜಾನಪದ ಕಲೆಗಳು ನಶಿಸುತ್ತಿದ್ದು ಅವುಗಳನ್ನು ಉಳಿಸಿ ಬೆಳೆಸುವ ಕಾರ್ಯವಾಗಬೇಕು ಎಂದರು. ಹಿರಿಯ ಕಲಾವಿದರನ್ನು ಸನ್ಮಾನಿಸಲಾಯಿತು. ಸಾಹಿತ್ಯ ಪರಿಷತ್ ಅಧ್ಯಕ್ಷರು ಅಧ್ಯಕ್ಷತೆ ವಹಿಸಿದ್ದರು. ವಿವಿಧ ಸಂಘ ಸಂಸ್ಥೆಗಳ ಪದಾಧಿಕಾರಿಗಳು, ಸಾಹಿತ್ಯಾಸಕ್ತರು ಪಾಲ್ಗೊಂಡಿದ್ದರು. ಸಂಘಟಕರು ಸ್ವಾಗತಿಸಿದರು. ಶಿಕ್ಷಕರು ನಿರೂಪಿಸಿದರು. ಕೊನೆಯಲ್ಲಿ ವಂದನಾರ್ಪಣೆ ನಡೆಯಿತು.
